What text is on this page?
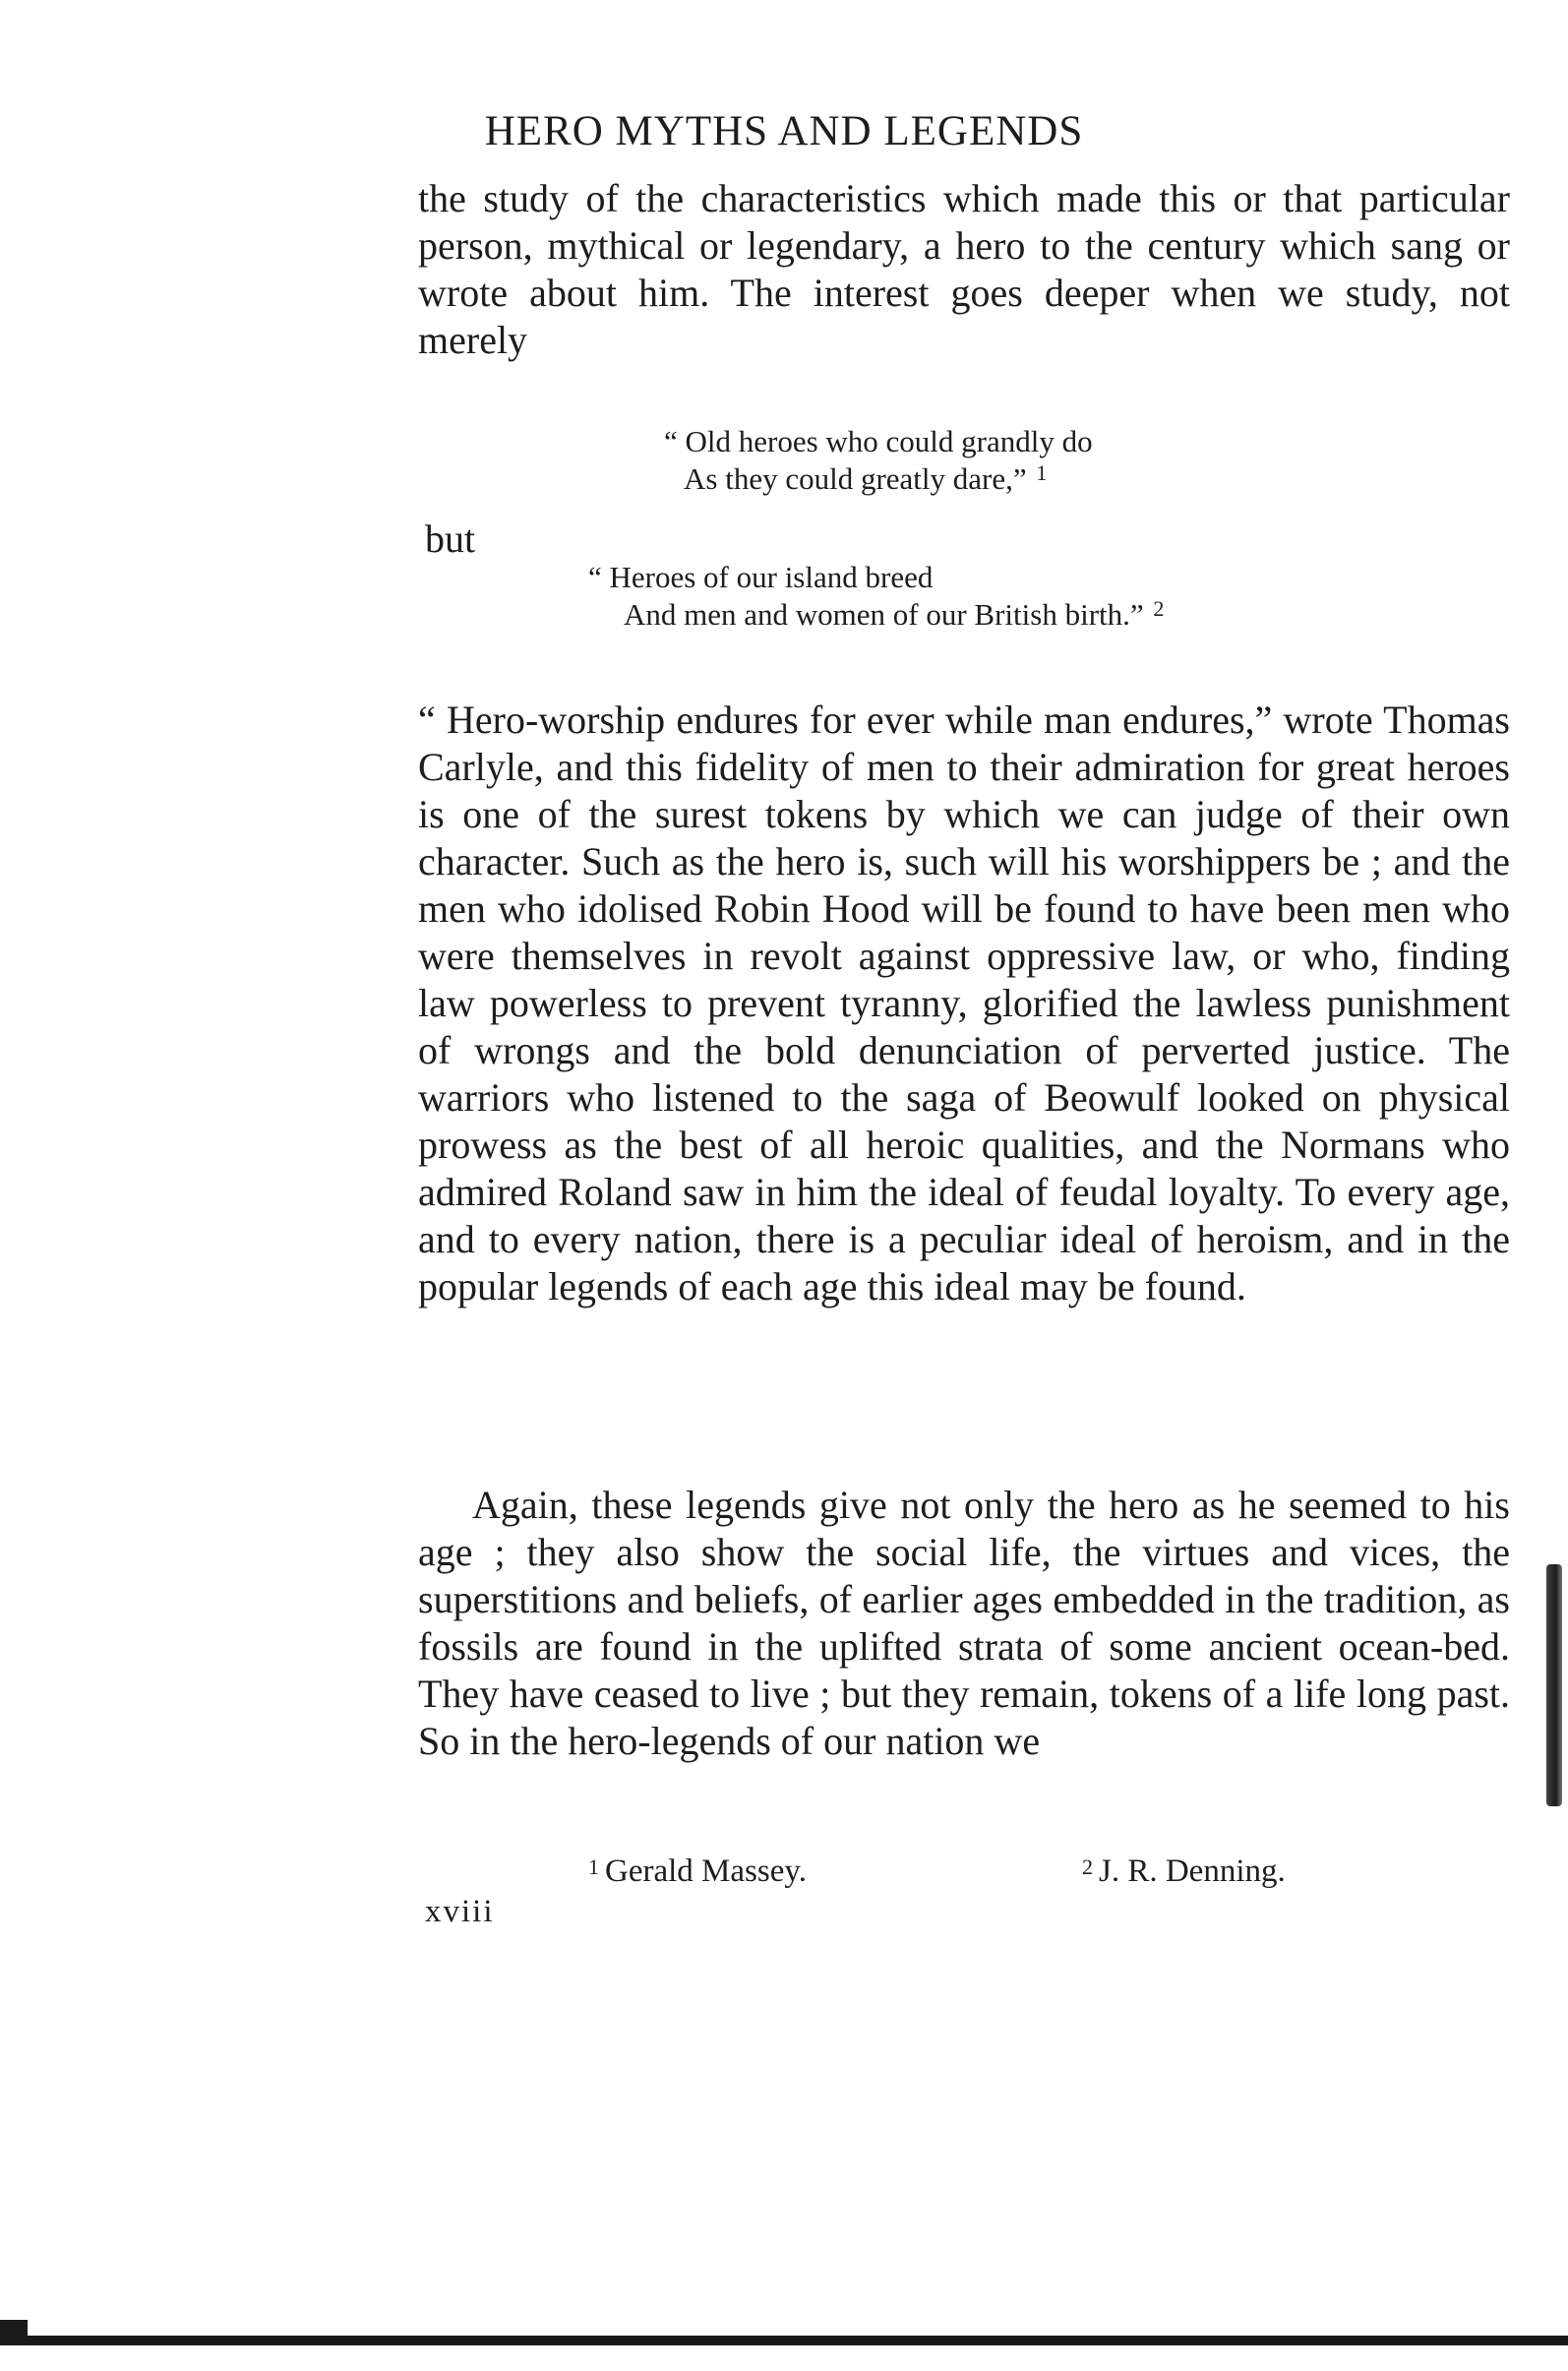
HERO MYTHS AND LEGENDS

the study of the characteristics which made this or that particular person, mythical or legendary, a hero to the century which sang or wrote about him. The interest goes deeper when we study, not merely

“ Old heroes who could grandly do
As they could greatly dare,” $^1$
but
“ Heroes of our island breed
And men and women of our British birth.” $^2$

“ Hero-worship endures for ever while man endures,” wrote Thomas Carlyle, and this fidelity of men to their admiration for great heroes is one of the surest tokens by which we can judge of their own character. Such as the hero is, such will his worshippers be ; and the men who idolised Robin Hood will be found to have been men who were themselves in revolt against oppressive law, or who, finding law powerless to prevent tyranny, glorified the lawless punishment of wrongs and the bold denunciation of perverted justice. The warriors who listened to the saga of Beowulf looked on physical prowess as the best of all heroic qualities, and the Normans who admired Roland saw in him the ideal of feudal loyalty. To every age, and to every nation, there is a peculiar ideal of heroism, and in the popular legends of each age this ideal may be found.

Again, these legends give not only the hero as he seemed to his age ; they also show the social life, the virtues and vices, the superstitions and beliefs, of earlier ages embedded in the tradition, as fossils are found in the uplifted strata of some ancient ocean-bed. They have ceased to live ; but they remain, tokens of a life long past. So in the hero-legends of our nation we

$^1$ Gerald Massey.	$^2$ J. R. Denning.
xviii
